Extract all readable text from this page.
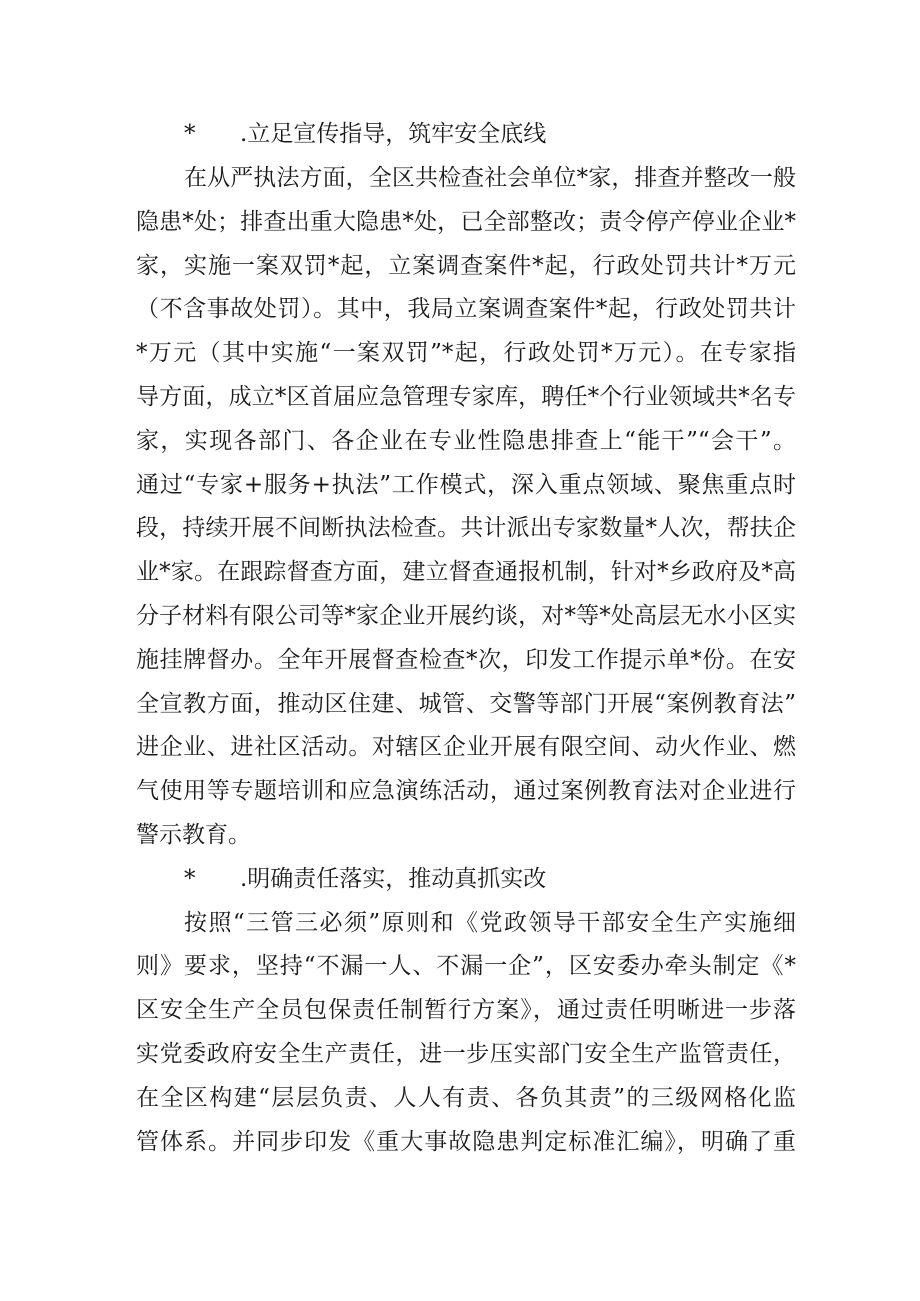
* .立足宣传指导，筑牢安全底线
在从严执法方面，全区共检查社会单位*家，排查并整改一般
隐患*处；排查出重大隐患*处，已全部整改；责令停产停业企业*
家，实施一案双罚*起，立案调查案件*起，行政处罚共计*万元
（不含事故处罚）。其中，我局立案调查案件*起，行政处罚共计
*万元（其中实施“一案双罚”*起，行政处罚*万元）。在专家指
导方面，成立*区首届应急管理专家库，聘任*个行业领域共*名专
家，实现各部门、各企业在专业性隐患排查上“能干”“会干”。
通过“专家+服务+执法”工作模式，深入重点领域、聚焦重点时
段，持续开展不间断执法检查。共计派出专家数量*人次，帮扶企
业*家。在跟踪督查方面，建立督查通报机制，针对*乡政府及*高
分子材料有限公司等*家企业开展约谈，对*等*处高层无水小区实
施挂牌督办。全年开展督查检查*次，印发工作提示单*份。在安
全宣教方面，推动区住建、城管、交警等部门开展“案例教育法”
进企业、进社区活动。对辖区企业开展有限空间、动火作业、燃
气使用等专题培训和应急演练活动，通过案例教育法对企业进行
警示教育。
* .明确责任落实，推动真抓实改
按照“三管三必须”原则和《党政领导干部安全生产实施细
则》要求，坚持“不漏一人、不漏一企”，区安委办牵头制定《*
区安全生产全员包保责任制暂行方案》，通过责任明晰进一步落
实党委政府安全生产责任，进一步压实部门安全生产监管责任，
在全区构建“层层负责、人人有责、各负其责”的三级网格化监
管体系。并同步印发《重大事故隐患判定标准汇编》，明确了重
